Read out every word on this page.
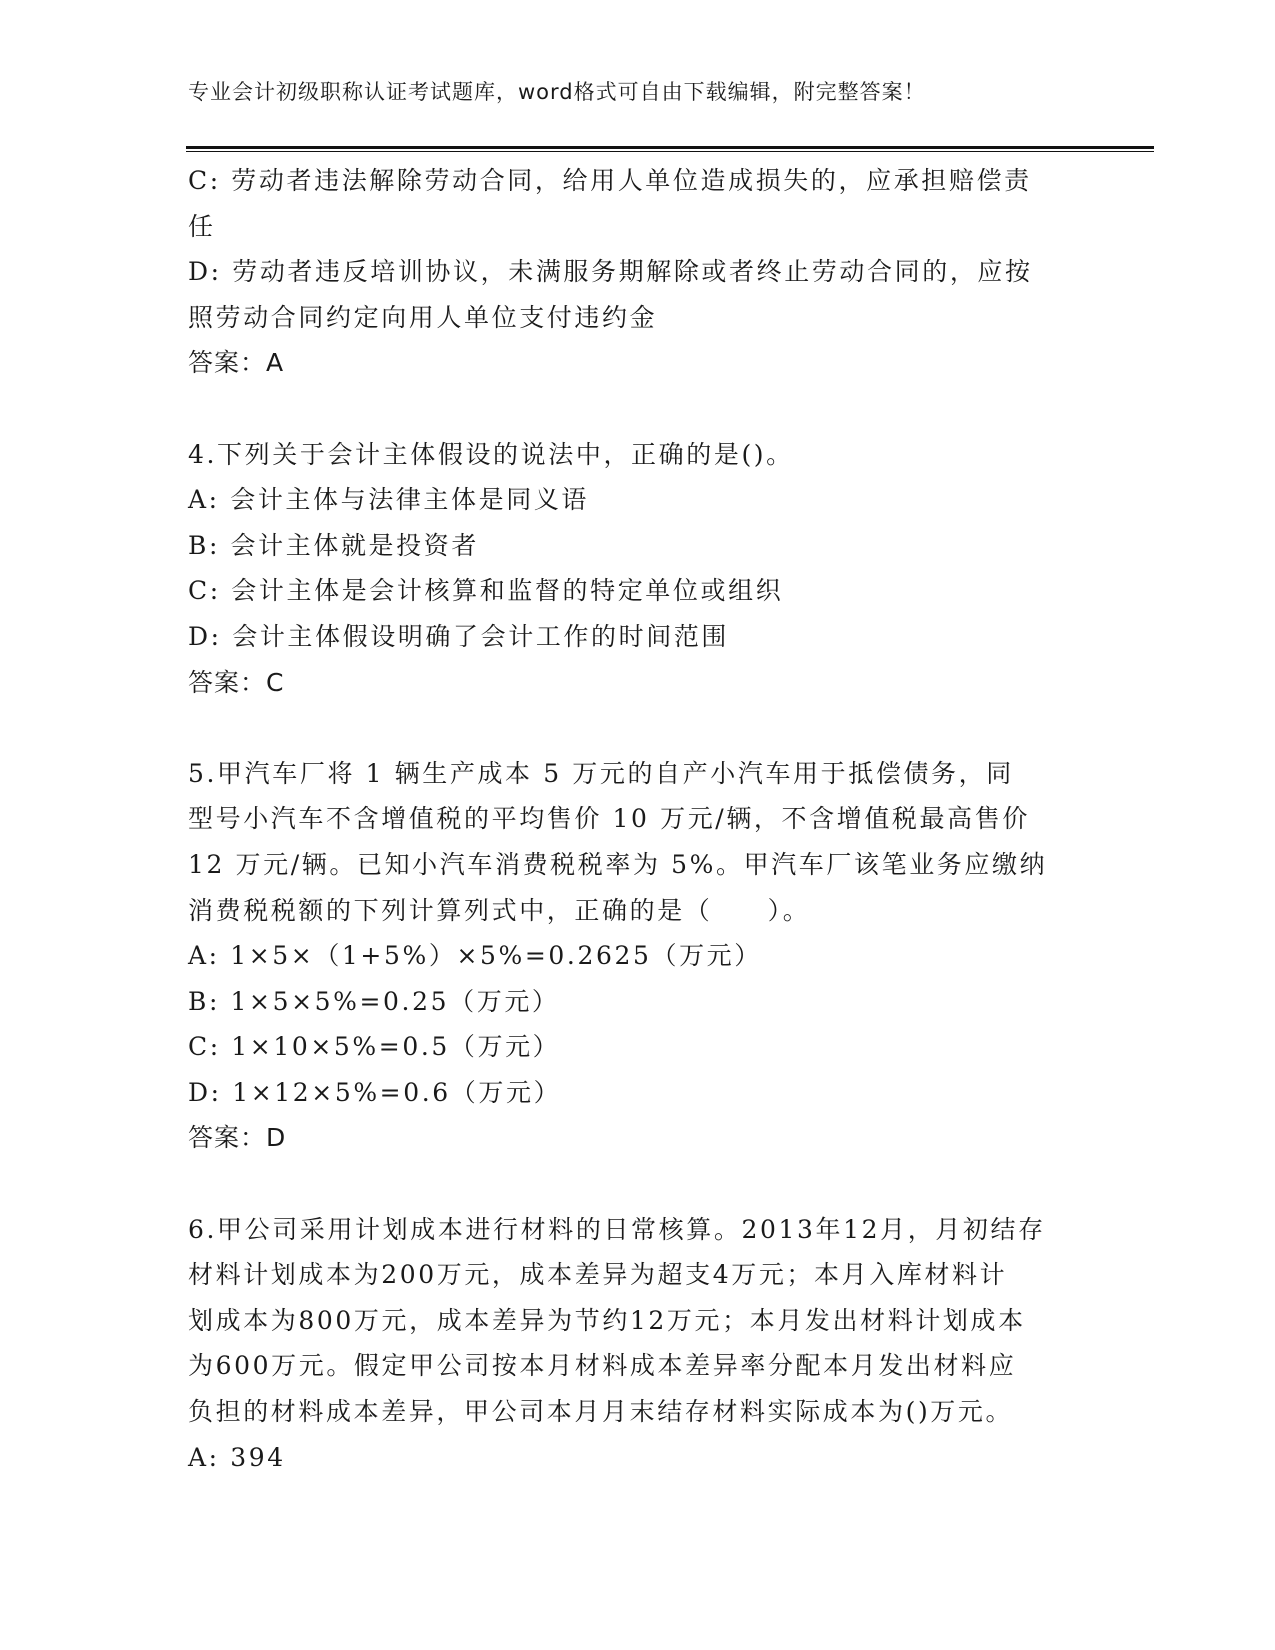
专业会计初级职称认证考试题库，word格式可自由下载编辑，附完整答案！
C: 劳动者违法解除劳动合同，给用人单位造成损失的，应承担赔偿责
任
D: 劳动者违反培训协议，未满服务期解除或者终止劳动合同的，应按
照劳动合同约定向用人单位支付违约金
答案：A
4.下列关于会计主体假设的说法中，正确的是()。
A: 会计主体与法律主体是同义语
B: 会计主体就是投资者
C: 会计主体是会计核算和监督的特定单位或组织
D: 会计主体假设明确了会计工作的时间范围
答案：C
5.甲汽车厂将 1 辆生产成本 5 万元的自产小汽车用于抵偿债务，同
型号小汽车不含增值税的平均售价 10 万元/辆，不含增值税最高售价
12 万元/辆。已知小汽车消费税税率为 5%。甲汽车厂该笔业务应缴纳
消费税税额的下列计算列式中，正确的是（　　）。
A: 1×5×（1+5%）×5%=0.2625（万元）
B: 1×5×5%=0.25（万元）
C: 1×10×5%=0.5（万元）
D: 1×12×5%=0.6（万元）
答案：D
6.甲公司采用计划成本进行材料的日常核算。2013年12月，月初结存
材料计划成本为200万元，成本差异为超支4万元；本月入库材料计
划成本为800万元，成本差异为节约12万元；本月发出材料计划成本
为600万元。假定甲公司按本月材料成本差异率分配本月发出材料应
负担的材料成本差异，甲公司本月月末结存材料实际成本为()万元。
A: 394
